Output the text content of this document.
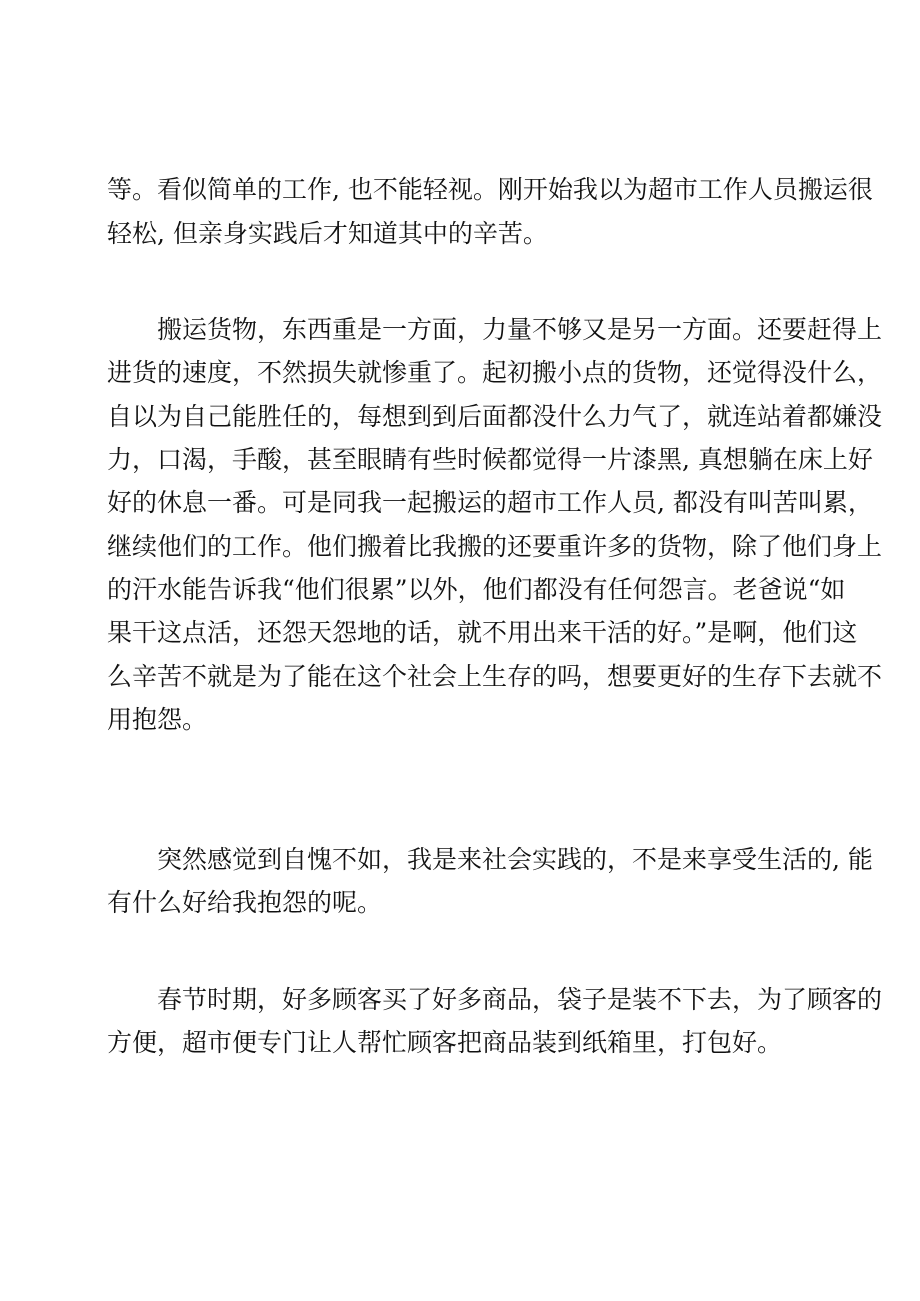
等。看似简单的工作, 也不能轻视。刚开始我以为超市工作人员搬运很
轻松, 但亲身实践后才知道其中的辛苦。
搬运货物，东西重是一方面，力量不够又是另一方面。还要赶得上
进货的速度，不然损失就惨重了。起初搬小点的货物，还觉得没什么，
自以为自己能胜任的，每想到到后面都没什么力气了，就连站着都嫌没
力，口渴，手酸，甚至眼睛有些时候都觉得一片漆黑, 真想躺在床上好
好的休息一番。可是同我一起搬运的超市工作人员, 都没有叫苦叫累，
继续他们的工作。他们搬着比我搬的还要重许多的货物，除了他们身上
的汗水能告诉我“他们很累”以外，他们都没有任何怨言。老爸说“如
果干这点活，还怨天怨地的话，就不用出来干活的好。”是啊，他们这
么辛苦不就是为了能在这个社会上生存的吗，想要更好的生存下去就不
用抱怨。
突然感觉到自愧不如，我是来社会实践的，不是来享受生活的, 能
有什么好给我抱怨的呢。
春节时期，好多顾客买了好多商品，袋子是装不下去，为了顾客的
方便，超市便专门让人帮忙顾客把商品装到纸箱里，打包好。
